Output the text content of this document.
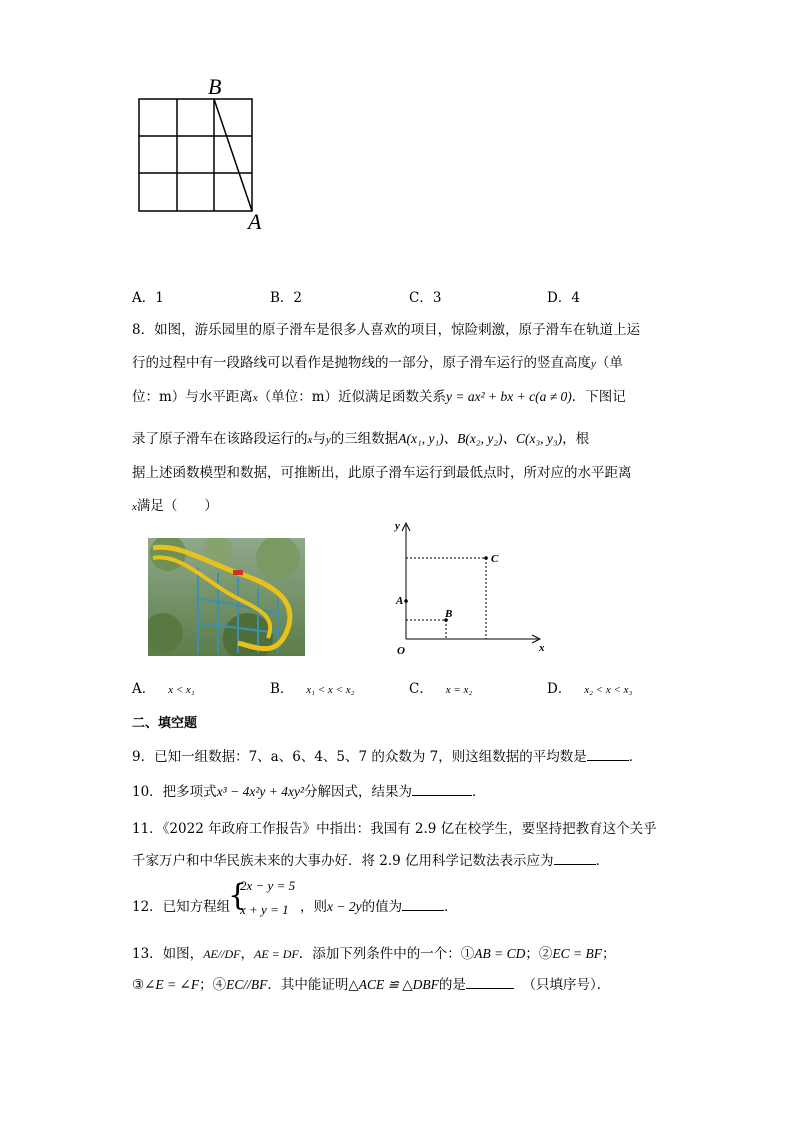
B
A
A．1	B．2	C．3	D．4
8．如图，游乐园里的原子滑车是很多人喜欢的项目，惊险刺激，原子滑车在轨道上运
行的过程中有一段路线可以看作是抛物线的一部分，原子滑车运行的竖直高度y（单
位：m）与水平距离x（单位：m）近似满足函数关系y = ax² + bx + c(a ≠ 0)．下图记
录了原子滑车在该路段运行的x与y的三组数据A(x₁, y₁)、B(x₂, y₂)、C(x₃, y₃)，根
据上述函数模型和数据，可推断出，此原子滑车运行到最低点时，所对应的水平距离
x满足（　　）
y
x
O
A
B
C
A． x < x₁	B． x₁ < x < x₂	C． x = x₂	D． x₂ < x < x₃
二、填空题
9．已知一组数据：7、a、6、4、5、7 的众数为 7，则这组数据的平均数是	．
10．把多项式x³ − 4x²y + 4xy²分解因式，结果为	．
11．《2022 年政府工作报告》中指出：我国有 2.9 亿在校学生，要坚持把教育这个关乎
千家万户和中华民族未来的大事办好．将 2.9 亿用科学记数法表示应为	．
12．已知方程组
{
2x − y = 5
x + y = 1 ，则x − 2y的值为	．
13．如图，AE//DF，AE = DF．添加下列条件中的一个：①AB = CD；②EC = BF；
③∠E = ∠F；④EC//BF．其中能证明△ACE ≌ △DBF的是	（只填序号）．
